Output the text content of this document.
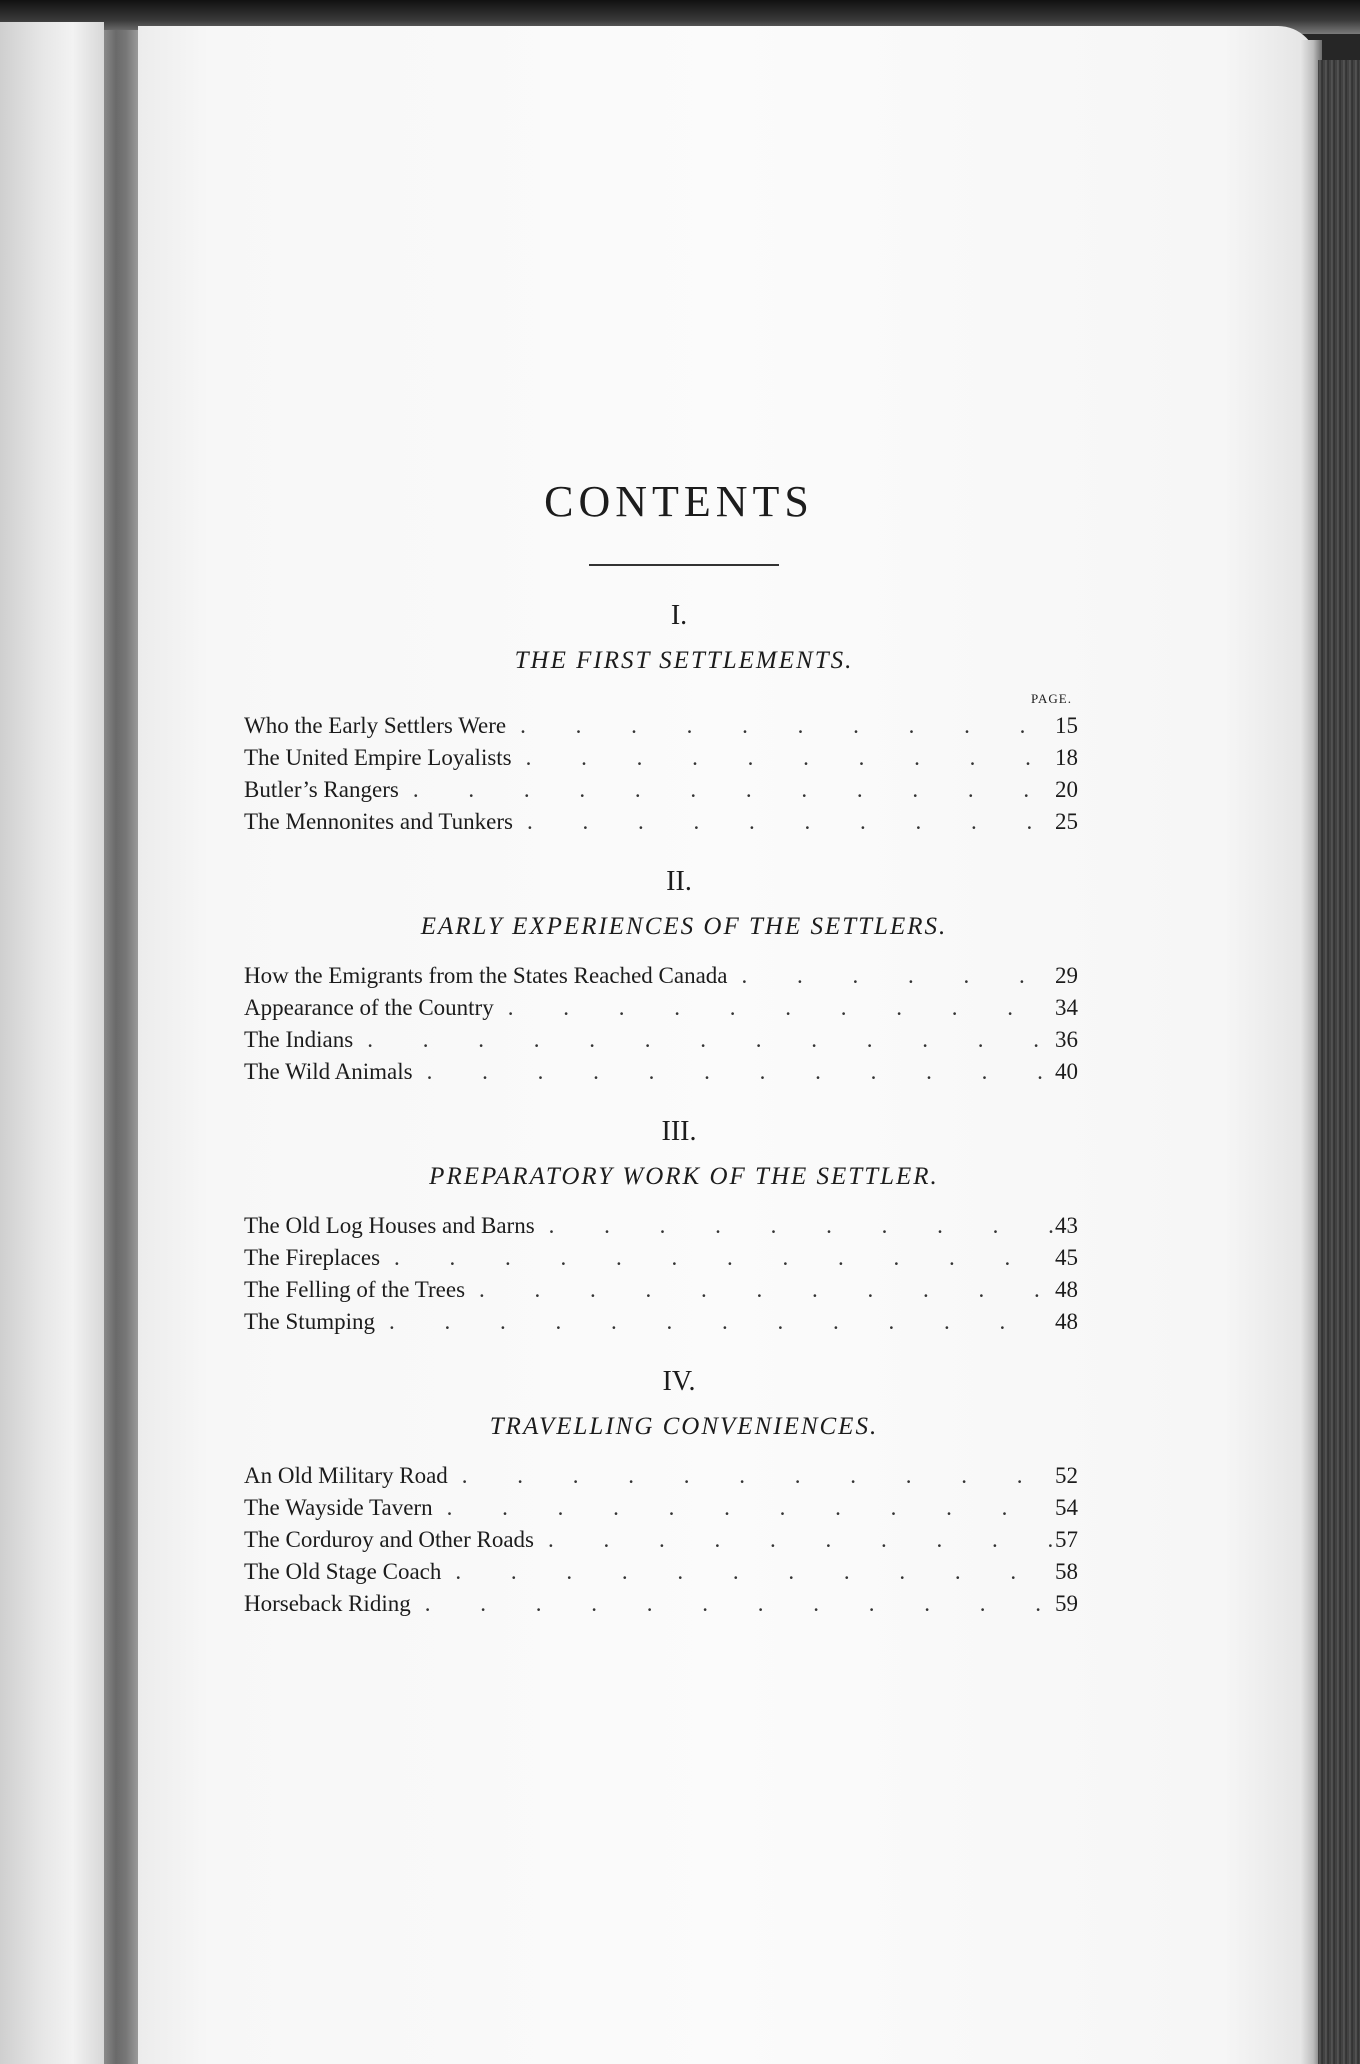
CONTENTS
I.
THE FIRST SETTLEMENTS.
PAGE.
Who the Early Settlers Were . . .	15
The United Empire Loyalists . . .	18
Butler’s Rangers . . .	20
The Mennonites and Tunkers . . .	25
II.
EARLY EXPERIENCES OF THE SETTLERS.
How the Emigrants from the States Reached Canada . . .	29
Appearance of the Country . . .	34
The Indians . . .	36
The Wild Animals . . .	40
III.
PREPARATORY WORK OF THE SETTLER.
The Old Log Houses and Barns . . .	43
The Fireplaces . . .	45
The Felling of the Trees . . .	48
The Stumping . . .	48
IV.
TRAVELLING CONVENIENCES.
An Old Military Road . . .	52
The Wayside Tavern . . .	54
The Corduroy and Other Roads . . .	57
The Old Stage Coach . . .	58
Horseback Riding . . .	59
